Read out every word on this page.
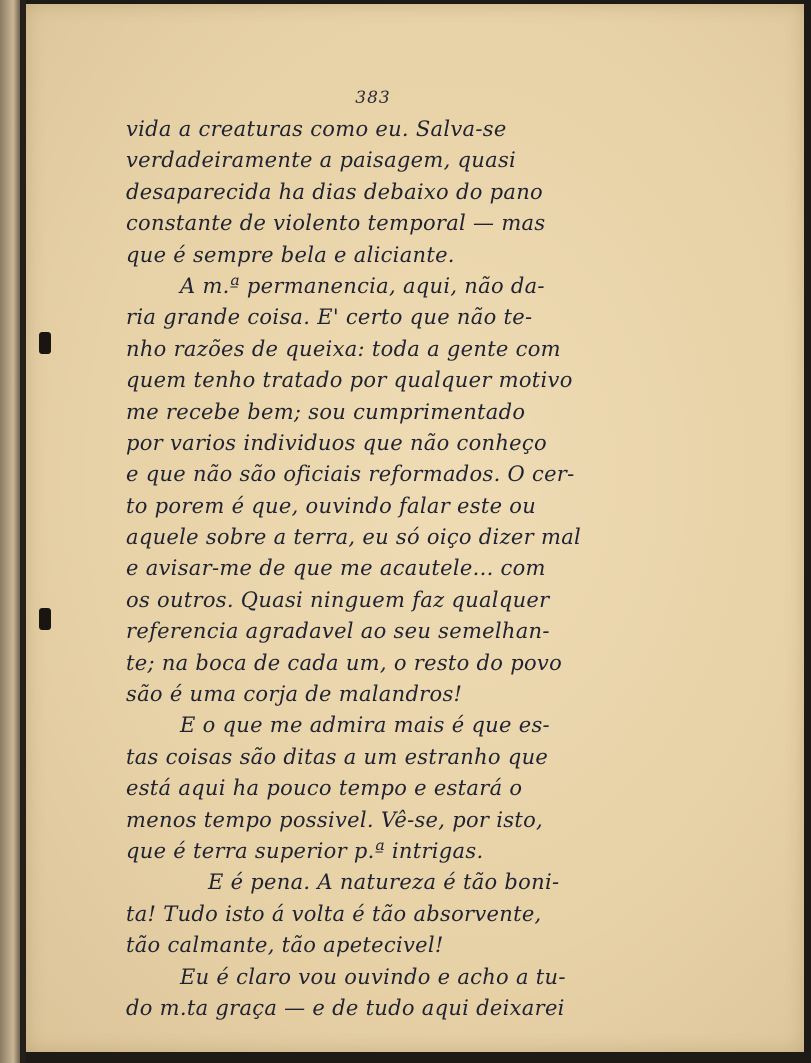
383
vida a creaturas como eu. Salva-se
verdadeiramente a paisagem, quasi
desaparecida ha dias debaixo do pano
constante de violento temporal — mas
que é sempre bela e aliciante.
A m.ª permanencia, aqui, não da-
ria grande coisa. E' certo que não te-
nho razões de queixa: toda a gente com
quem tenho tratado por qualquer motivo
me recebe bem; sou cumprimentado
por varios individuos que não conheço
e que não são oficiais reformados. O cer-
to porem é que, ouvindo falar este ou
aquele sobre a terra, eu só oiço dizer mal
e avisar-me de que me acautele... com
os outros. Quasi ninguem faz qualquer
referencia agradavel ao seu semelhan-
te; na boca de cada um, o resto do povo
são é uma corja de malandros!
E o que me admira mais é que es-
tas coisas são ditas a um estranho que
está aqui ha pouco tempo e estará o
menos tempo possivel. Vê-se, por isto,
que é terra superior p.ª intrigas.
E é pena. A natureza é tão boni-
ta! Tudo isto á volta é tão absorvente,
tão calmante, tão apetecivel!
Eu é claro vou ouvindo e acho a tu-
do m.ta graça — e de tudo aqui deixarei
